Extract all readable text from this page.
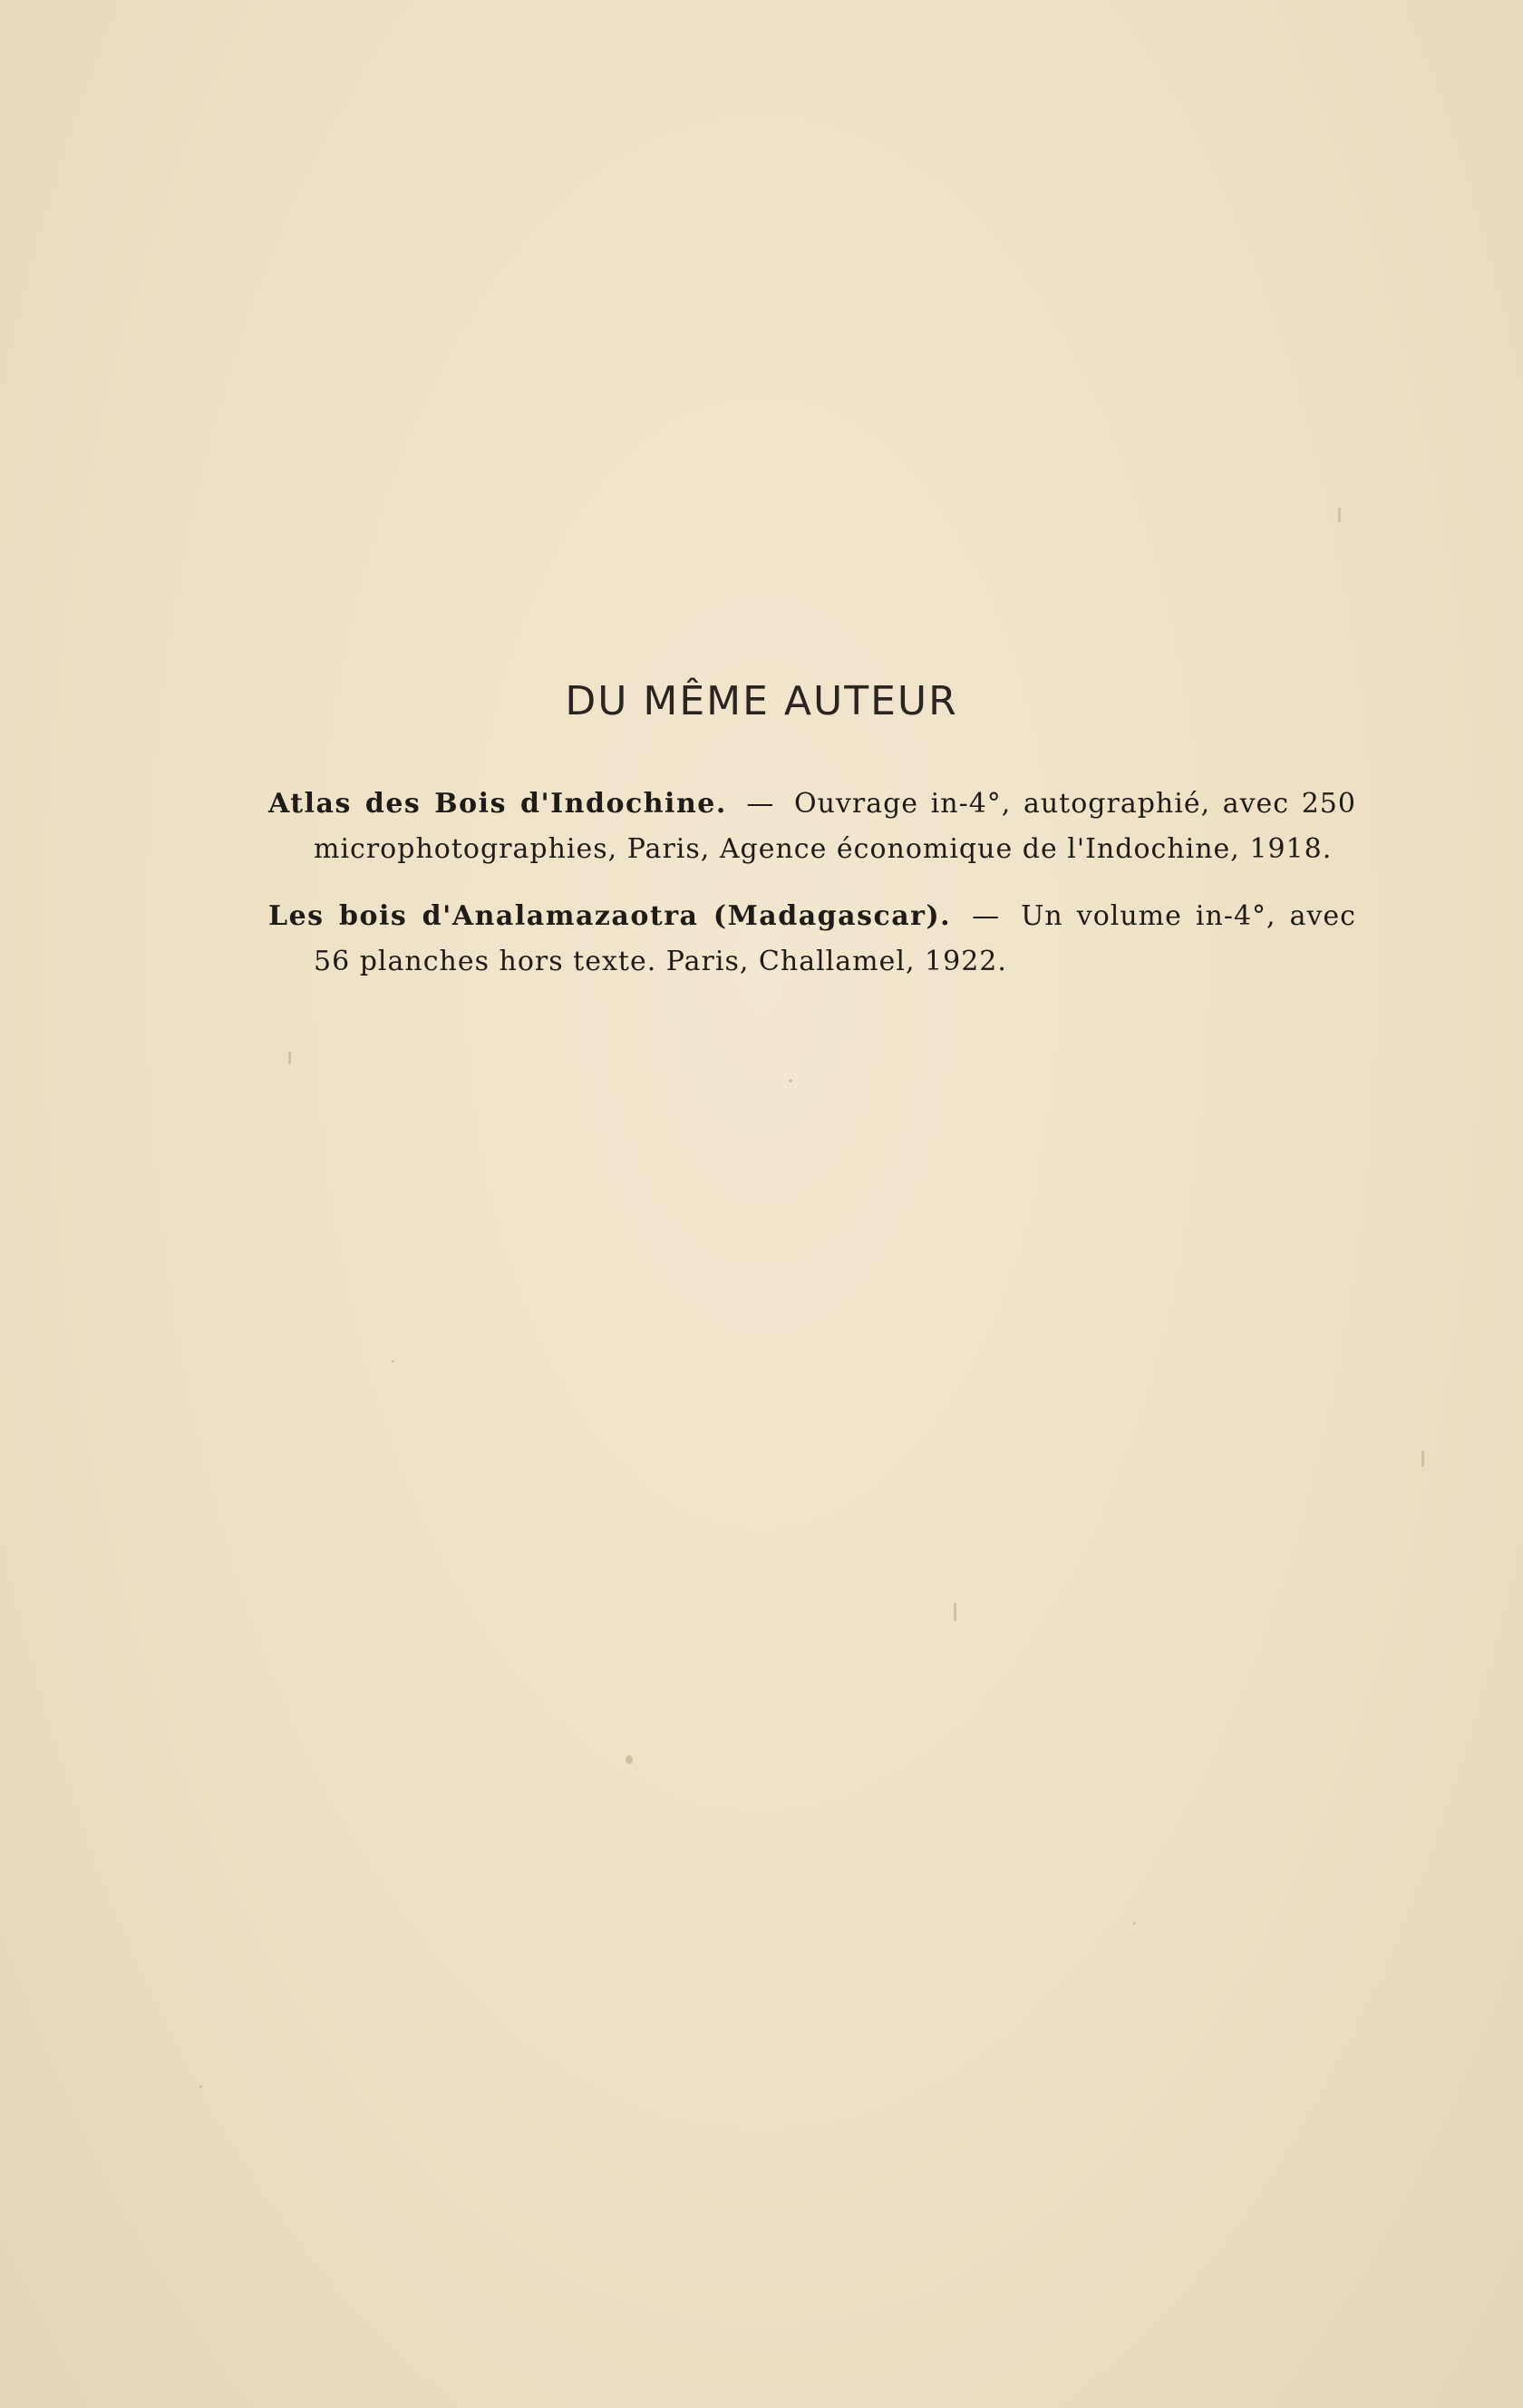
DU MÊME AUTEUR

Atlas des Bois d'Indochine. — Ouvrage in-4°, autographié, avec 250 microphotographies, Paris, Agence économique de l'Indochine, 1918.

Les bois d'Analamazaotra (Madagascar). — Un volume in-4°, avec 56 planches hors texte. Paris, Challamel, 1922.
